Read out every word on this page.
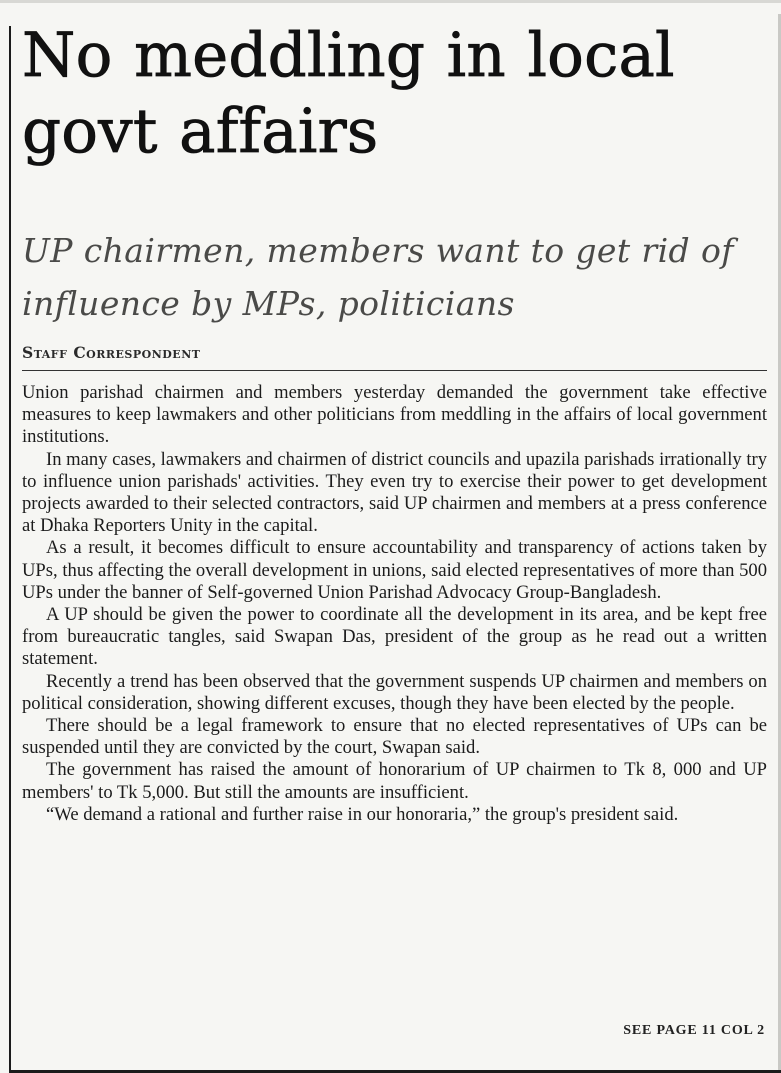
No meddling in local govt affairs
UP chairmen, members want to get rid of influence by MPs, politicians
Staff Correspondent

Union parishad chairmen and members yesterday demanded the government take effective measures to keep lawmakers and other politicians from meddling in the affairs of local government institutions.

In many cases, lawmakers and chairmen of district councils and upazila parishads irrationally try to influence union parishads' activities. They even try to exercise their power to get development projects awarded to their selected contractors, said UP chairmen and members at a press conference at Dhaka Reporters Unity in the capital.

As a result, it becomes difficult to ensure accountability and transparency of actions taken by UPs, thus affecting the overall development in unions, said elected representatives of more than 500 UPs under the banner of Self-governed Union Parishad Advocacy Group-Bangladesh.

A UP should be given the power to coordinate all the development in its area, and be kept free from bureaucratic tangles, said Swapan Das, president of the group as he read out a written statement.

Recently a trend has been observed that the government suspends UP chairmen and members on political consideration, showing different excuses, though they have been elected by the people.

There should be a legal framework to ensure that no elected representatives of UPs can be suspended until they are convicted by the court, Swapan said.

The government has raised the amount of honorarium of UP chairmen to Tk 8, 000 and UP members' to Tk 5,000. But still the amounts are insufficient.

“We demand a rational and further raise in our honoraria,” the group's president said.

SEE PAGE 11 COL 2
